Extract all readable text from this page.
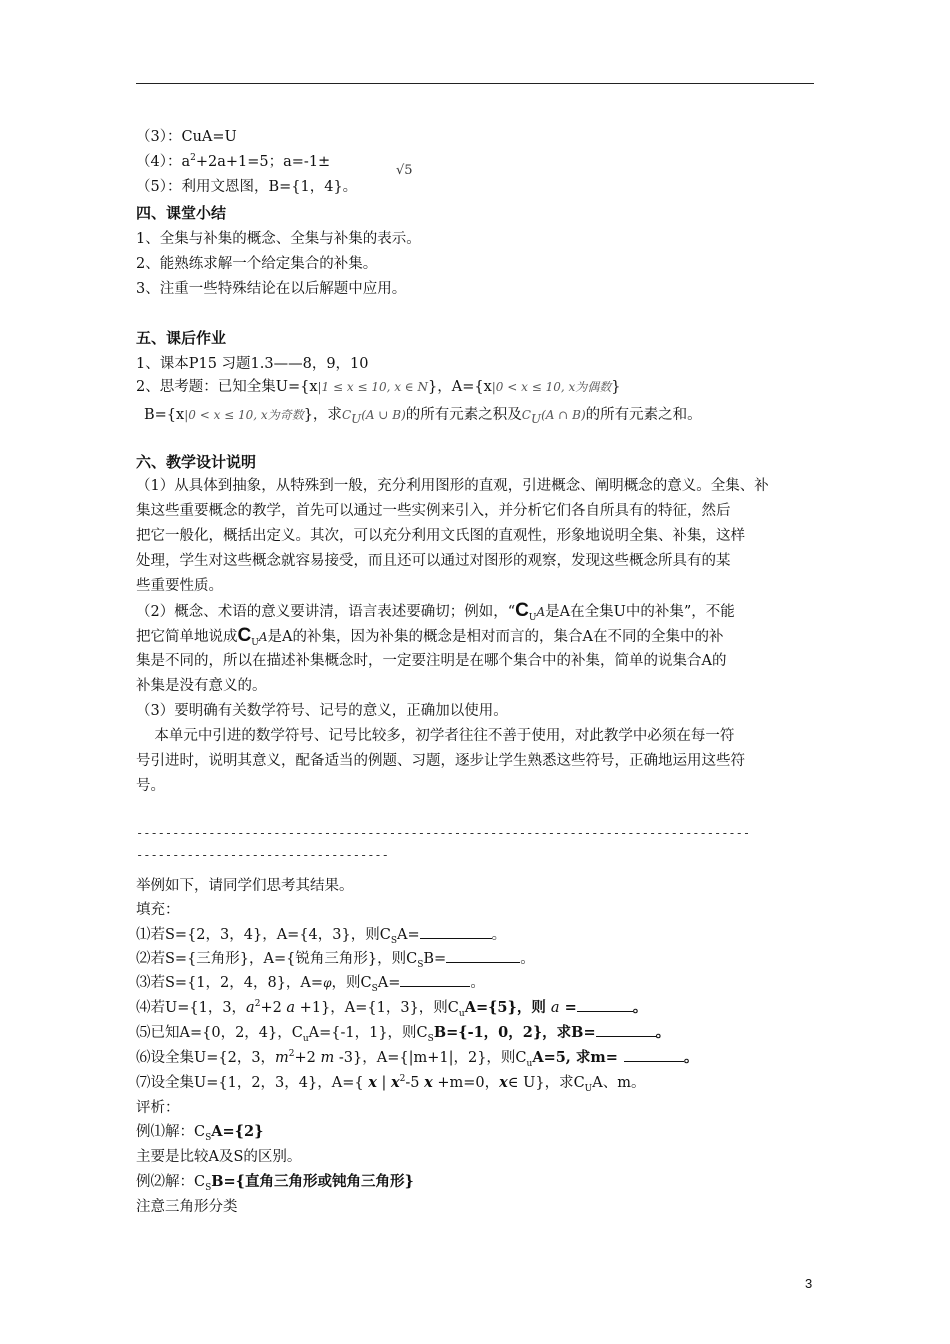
（3）：CuA=U
（4）：$a^2+2a+1=5$；a=-1±
√5
（5）：利用文恩图，B={1，4}。
四、课堂小结
1、全集与补集的概念、全集与补集的表示。
2、能熟练求解一个给定集合的补集。
3、注重一些特殊结论在以后解题中应用。
五、课后作业
1、课本P15 习题1.3——8，9，10
2、思考题：已知全集U={x|1 ≤ x ≤ 10, x ∈ N}，A={x|0 < x ≤ 10, x为偶数}
B={x|0 < x ≤ 10, x为奇数}，求$C_U(A$ ∪ B)的所有元素之积及$C_U(A$ ∩ B)的所有元素之和。
六、教学设计说明
（1）从具体到抽象，从特殊到一般，充分利用图形的直观，引进概念、阐明概念的意义。全集、补
集这些重要概念的教学，首先可以通过一些实例来引入，并分析它们各自所具有的特征，然后
把它一般化，概括出定义。其次，可以充分利用文氏图的直观性，形象地说明全集、补集，这样
处理，学生对这些概念就容易接受，而且还可以通过对图形的观察，发现这些概念所具有的某
些重要性质。
（2）概念、术语的意义要讲清，语言表述要确切；例如，“$C_UA$是A在全集U中的补集”，不能
把它简单地说成$C_UA$是A的补集，因为补集的概念是相对而言的，集合A在不同的全集中的补
集是不同的，所以在描述补集概念时，一定要注明是在哪个集合中的补集，简单的说集合A的
补集是没有意义的。
（3）要明确有关数学符号、记号的意义，正确加以使用。
本单元中引进的数学符号、记号比较多，初学者往往不善于使用，对此教学中必须在每一符
号引进时，说明其意义，配备适当的例题、习题，逐步让学生熟悉这些符号，正确地运用这些符
号。
-------------------------------------------------------------------------------------
-----------------------------------
举例如下，请同学们思考其结果。
填充：
⑴若S={2，3，4}，A={4，3}，则$C_SA=$	。
⑵若S={三角形}，A={锐角三角形}，则$C_SB=$	。
⑶若S={1，2，4，8}，A=φ，则$C_SA=$	。
⑷若U={1，3，$a^2+2$ a +1}，A={1，3}，则$C_uA=\{5\}$，则 a =	。
⑸已知A={0，2，4}，$C_uA=\{-1$，1}，则$C_SB=\{-1$，0，2}，求B=	。
⑹设全集U={2，3，$m^2+2$ m -3}，A={|m+1|，2}，则$C_uA=5$, 求m=	。
⑺设全集U={1，2，3，4}，A={ x | $x^2-5$ x +m=0，x∈ U}，求$C_UA$、m。
评析：
例⑴解：$C_SA=\{2\}$
主要是比较A及S的区别。
例⑵解：$C_SB=${直角三角形或钝角三角形}
注意三角形分类
3
